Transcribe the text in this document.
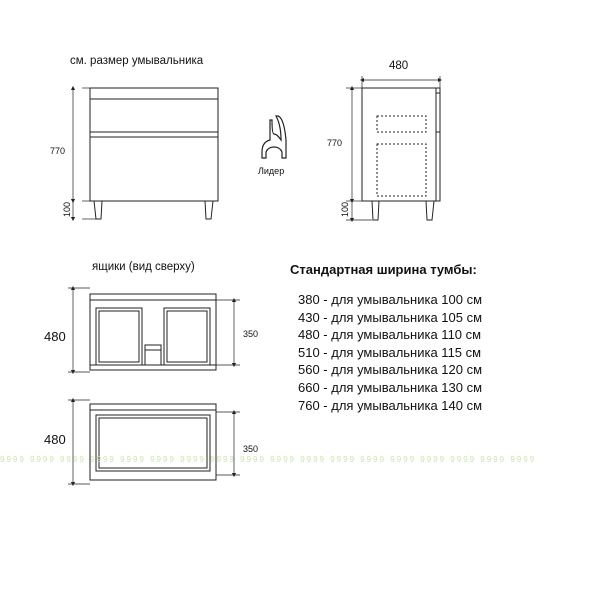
см. размер умывальника
770
100
Лидер
480
770
100
ящики (вид сверху)
480	350
480
350
Стандартная ширина тумбы:
380 - для умывальника 100 см
430 - для умывальника 105 см
480 - для умывальника 110 см
510 - для умывальника 115 см
560 - для умывальника 120 см
660 - для умывальника 130 см
760 - для умывальника 140 см
9999 9999 9999 9999 9999 9999 9999 9999 9999 9999 9999 9999 9999 9999 9999 9999 9999 9999
